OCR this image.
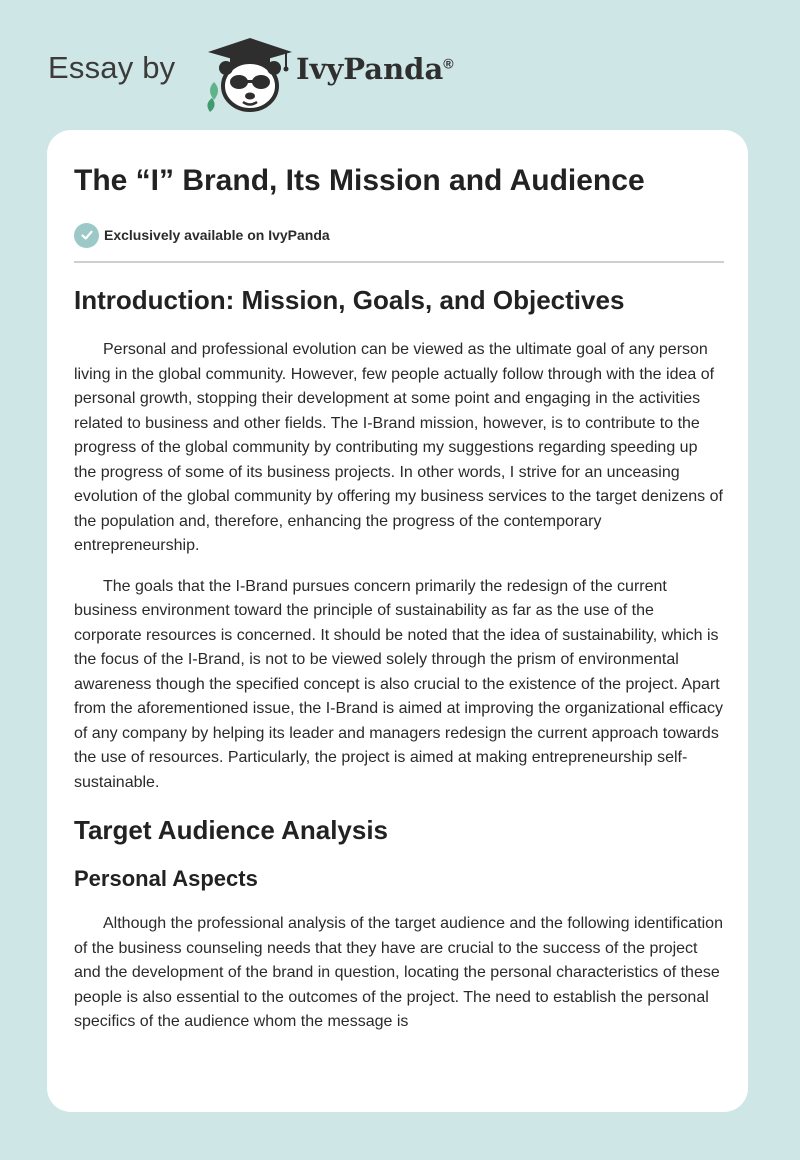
Essay by	IvyPanda®
The “I” Brand, Its Mission and Audience
Exclusively available on IvyPanda
Introduction: Mission, Goals, and Objectives

Personal and professional evolution can be viewed as the ultimate goal of any person living in the global community. However, few people actually follow through with the idea of personal growth, stopping their development at some point and engaging in the activities related to business and other fields. The I-Brand mission, however, is to contribute to the progress of the global community by contributing my suggestions regarding speeding up the progress of some of its business projects. In other words, I strive for an unceasing evolution of the global community by offering my business services to the target denizens of the population and, therefore, enhancing the progress of the contemporary entrepreneurship.

The goals that the I-Brand pursues concern primarily the redesign of the current business environment toward the principle of sustainability as far as the use of the corporate resources is concerned. It should be noted that the idea of sustainability, which is the focus of the I-Brand, is not to be viewed solely through the prism of environmental awareness though the specified concept is also crucial to the existence of the project. Apart from the aforementioned issue, the I-Brand is aimed at improving the organizational efficacy of any company by helping its leader and managers redesign the current approach towards the use of resources. Particularly, the project is aimed at making entrepreneurship self-sustainable.

Target Audience Analysis
Personal Aspects

Although the professional analysis of the target audience and the following identification of the business counseling needs that they have are crucial to the success of the project and the development of the brand in question, locating the personal characteristics of these people is also essential to the outcomes of the project. The need to establish the personal specifics of the audience whom the message is
